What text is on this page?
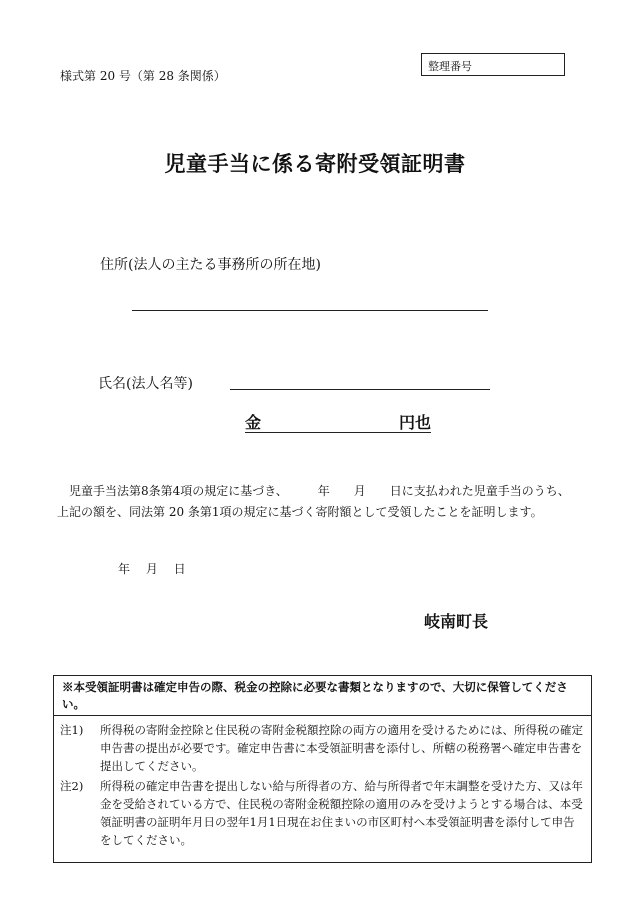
様式第 20 号（第 28 条関係）
整理番号
児童手当に係る寄附受領証明書
住所(法人の主たる事務所の所在地)
氏名(法人名等)
金	円也
児童手当法第8条第4項の規定に基づき、　　　年　　月　　日に支払われた児童手当のうち、上記の額を、同法第 20 条第1項の規定に基づく寄附額として受領したことを証明します。
年 月 日
岐南町長
※本受領証明書は確定申告の際、税金の控除に必要な書類となりますので、大切に保管してください。
注1) 所得税の寄附金控除と住民税の寄附金税額控除の両方の適用を受けるためには、所得税の確定申告書の提出が必要です。確定申告書に本受領証明書を添付し、所轄の税務署へ確定申告書を提出してください。
注2) 所得税の確定申告書を提出しない給与所得者の方、給与所得者で年末調整を受けた方、又は年金を受給されている方で、住民税の寄附金税額控除の適用のみを受けようとする場合は、本受領証明書の証明年月日の翌年1月1日現在お住まいの市区町村へ本受領証明書を添付して申告をしてください。
